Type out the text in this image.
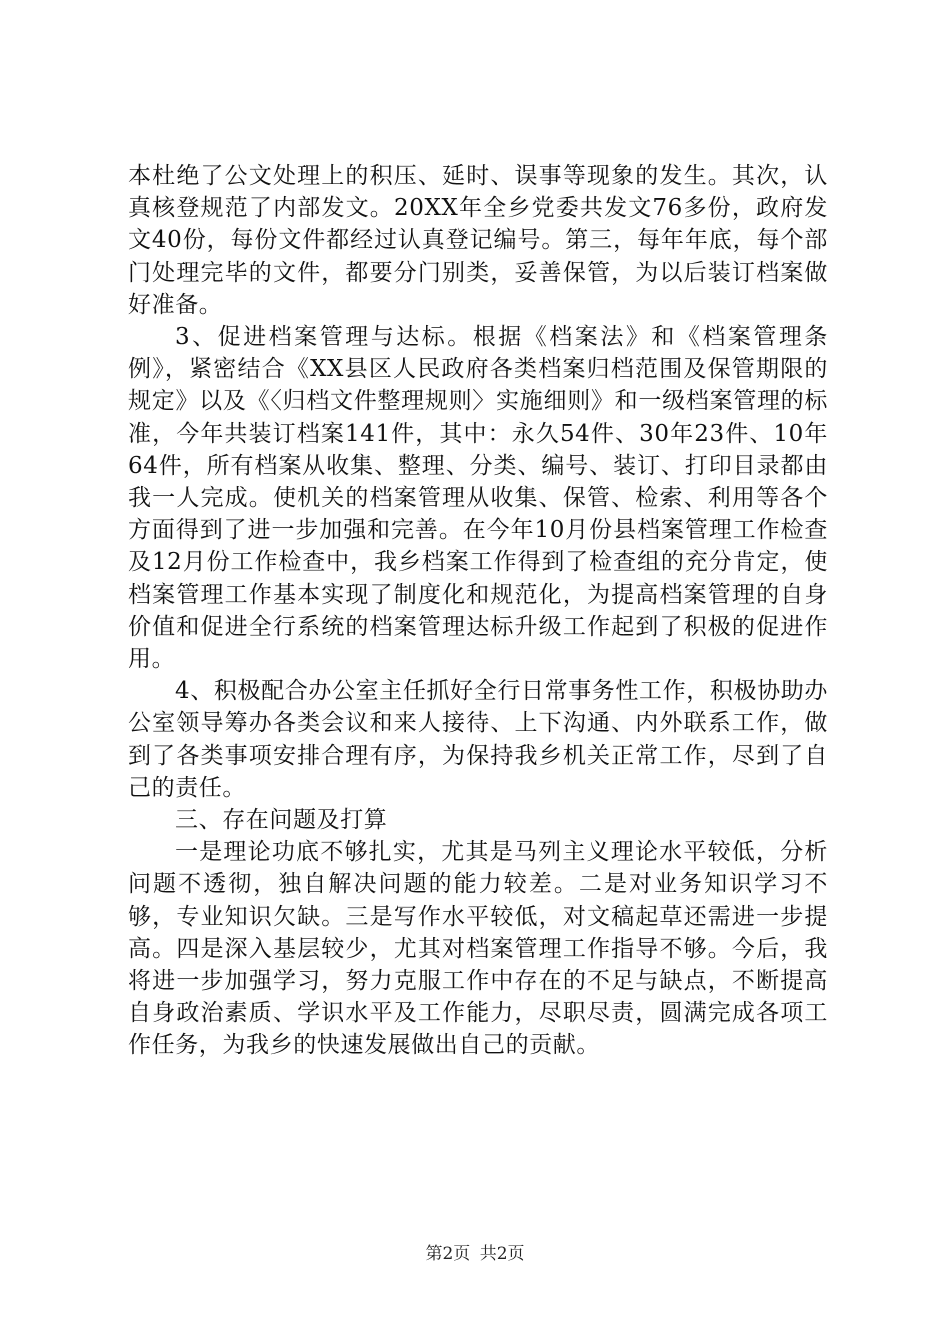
本杜绝了公文处理上的积压、延时、误事等现象的发生。其次，认真核登规范了内部发文。20XX年全乡党委共发文76多份，政府发文40份，每份文件都经过认真登记编号。第三，每年年底，每个部门处理完毕的文件，都要分门别类，妥善保管，为以后装订档案做好准备。

3、促进档案管理与达标。根据《档案法》和《档案管理条例》，紧密结合《XX县区人民政府各类档案归档范围及保管期限的规定》以及《〈归档文件整理规则〉实施细则》和一级档案管理的标准，今年共装订档案141件，其中：永久54件、30年23件、10年64件，所有档案从收集、整理、分类、编号、装订、打印目录都由我一人完成。使机关的档案管理从收集、保管、检索、利用等各个方面得到了进一步加强和完善。在今年10月份县档案管理工作检查及12月份工作检查中，我乡档案工作得到了检查组的充分肯定，使档案管理工作基本实现了制度化和规范化，为提高档案管理的自身价值和促进全行系统的档案管理达标升级工作起到了积极的促进作用。

4、积极配合办公室主任抓好全行日常事务性工作，积极协助办公室领导筹办各类会议和来人接待、上下沟通、内外联系工作，做到了各类事项安排合理有序，为保持我乡机关正常工作，尽到了自己的责任。

三、存在问题及打算

一是理论功底不够扎实，尤其是马列主义理论水平较低，分析问题不透彻，独自解决问题的能力较差。二是对业务知识学习不够，专业知识欠缺。三是写作水平较低，对文稿起草还需进一步提高。四是深入基层较少，尤其对档案管理工作指导不够。今后，我将进一步加强学习，努力克服工作中存在的不足与缺点，不断提高自身政治素质、学识水平及工作能力，尽职尽责，圆满完成各项工作任务，为我乡的快速发展做出自己的贡献。

第2页 共2页
